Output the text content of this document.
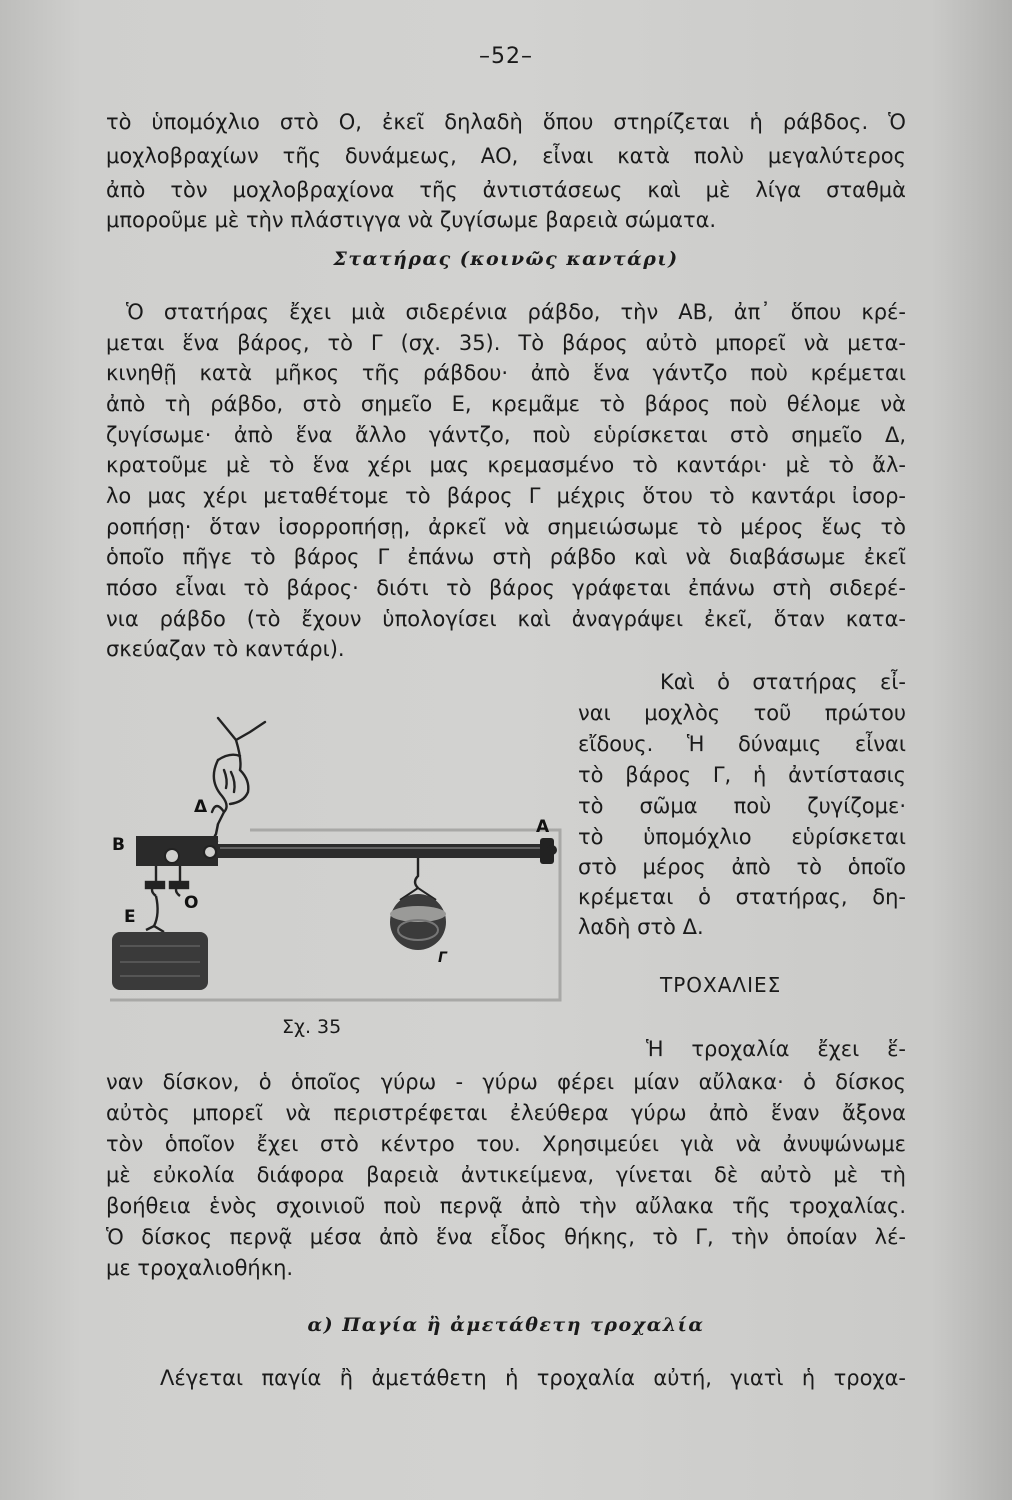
–52–
τὸ ὑπομόχλιο στὸ Ο, ἐκεῖ δηλαδὴ ὅπου στηρίζεται ἡ ράβδος. Ὁ
μοχλοβραχίων τῆς δυνάμεως, ΑΟ, εἶναι κατὰ πολὺ μεγαλύτερος
ἀπὸ τὸν μοχλοβραχίονα τῆς ἀντιστάσεως καὶ μὲ λίγα σταθμὰ
μποροῦμε μὲ τὴν πλάστιγγα νὰ ζυγίσωμε βαρειὰ σώματα.
Στατήρας (κοινῶς καντάρι)
Ὁ στατήρας ἔχει μιὰ σιδερένια ράβδο, τὴν ΑΒ, ἀπ᾿ ὅπου κρέ-
μεται ἕνα βάρος, τὸ Γ (σχ. 35). Τὸ βάρος αὐτὸ μπορεῖ νὰ μετα-
κινηθῇ κατὰ μῆκος τῆς ράβδου· ἀπὸ ἕνα γάντζο ποὺ κρέμεται
ἀπὸ τὴ ράβδο, στὸ σημεῖο Ε, κρεμᾶμε τὸ βάρος ποὺ θέλομε νὰ
ζυγίσωμε· ἀπὸ ἕνα ἄλλο γάντζο, ποὺ εὑρίσκεται στὸ σημεῖο Δ,
κρατοῦμε μὲ τὸ ἕνα χέρι μας κρεμασμένο τὸ καντάρι· μὲ τὸ ἄλ-
λο μας χέρι μεταθέτομε τὸ βάρος Γ μέχρις ὅτου τὸ καντάρι ἰσορ-
ροπήσῃ· ὅταν ἰσορροπήσῃ, ἀρκεῖ νὰ σημειώσωμε τὸ μέρος ἕως τὸ
ὁποῖο πῆγε τὸ βάρος Γ ἐπάνω στὴ ράβδο καὶ νὰ διαβάσωμε ἐκεῖ
πόσο εἶναι τὸ βάρος· διότι τὸ βάρος γράφεται ἐπάνω στὴ σιδερέ-
νια ράβδο (τὸ ἔχουν ὑπολογίσει καὶ ἀναγράψει ἐκεῖ, ὅταν κατα-
σκεύαζαν τὸ καντάρι).
Καὶ ὁ στατήρας εἶ-
ναι μοχλὸς τοῦ πρώτου
εἴδους. Ἡ δύναμις εἶναι
τὸ βάρος Γ, ἡ ἀντίστασις
τὸ σῶμα ποὺ ζυγίζομε·
τὸ ὑπομόχλιο εὑρίσκεται
στὸ μέρος ἀπὸ τὸ ὁποῖο
κρέμεται ὁ στατήρας, δη-
λαδὴ στὸ Δ.
ΤΡΟΧΑΛΙΕΣ
Β
Α
Δ
Ο
Ε
Γ
Σχ. 35
Ἡ τροχαλία ἔχει ἕ-
ναν δίσκον, ὁ ὁποῖος γύρω - γύρω φέρει μίαν αὔλακα· ὁ δίσκος
αὐτὸς μπορεῖ νὰ περιστρέφεται ἐλεύθερα γύρω ἀπὸ ἕναν ἄξονα
τὸν ὁποῖον ἔχει στὸ κέντρο του. Χρησιμεύει γιὰ νὰ ἀνυψώνωμε
μὲ εὐκολία διάφορα βαρειὰ ἀντικείμενα, γίνεται δὲ αὐτὸ μὲ τὴ
βοήθεια ἑνὸς σχοινιοῦ ποὺ περνᾷ ἀπὸ τὴν αὔλακα τῆς τροχαλίας.
Ὁ δίσκος περνᾷ μέσα ἀπὸ ἕνα εἶδος θήκης, τὸ Γ, τὴν ὁποίαν λέ-
με τροχαλιοθήκη.
α) Παγία ἢ ἀμετάθετη τροχαλία
Λέγεται παγία ἢ ἀμετάθετη ἡ τροχαλία αὐτή, γιατὶ ἡ τροχα-
